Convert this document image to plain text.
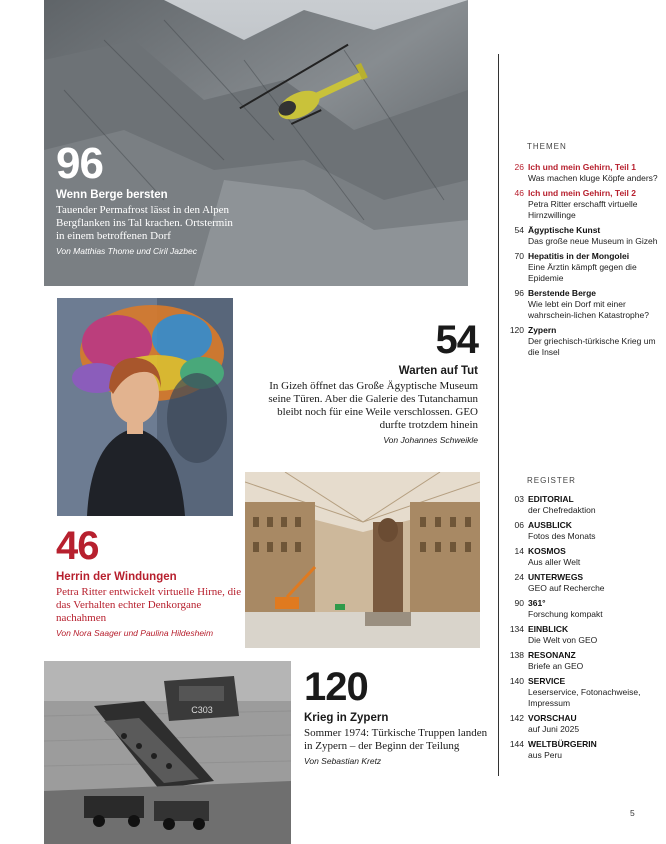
96
Wenn Berge bersten
Tauender Permafrost lässt in den Alpen Bergflanken ins Tal krachen. Ortstermin in einem betroffenen Dorf
Von Matthias Thome und Ciril Jazbec
54
Warten auf Tut
In Gizeh öffnet das Große Ägyptische Museum seine Türen. Aber die Galerie des Tutanchamun bleibt noch für eine Weile verschlossen. GEO durfte trotzdem hinein
Von Johannes Schweikle
46
Herrin der Windungen
Petra Ritter entwickelt virtuelle Hirne, die das Verhalten echter Denkorgane nachahmen
Von Nora Saager und Paulina Hildesheim
C303
120
Krieg in Zypern
Sommer 1974: Türkische Truppen landen in Zypern – der Beginn der Teilung
Von Sebastian Kretz
THEMEN
26 Ich und mein Gehirn, Teil 1
Was machen kluge Köpfe anders?
46 Ich und mein Gehirn, Teil 2
Petra Ritter erschafft virtuelle Hirnzwillinge
54 Ägyptische Kunst
Das große neue Museum in Gizeh
70 Hepatitis in der Mongolei
Eine Ärztin kämpft gegen die Epidemie
96 Berstende Berge
Wie lebt ein Dorf mit einer wahrschein-lichen Katastrophe?
120 Zypern
Der griechisch-türkische Krieg um die Insel
REGISTER
03 EDITORIAL
der Chefredaktion
06 AUSBLICK
Fotos des Monats
14 KOSMOS
Aus aller Welt
24 UNTERWEGS
GEO auf Recherche
90 361°
Forschung kompakt
134 EINBLICK
Die Welt von GEO
138 RESONANZ
Briefe an GEO
140 SERVICE
Leserservice, Fotonachweise, Impressum
142 VORSCHAU
auf Juni 2025
144 WELTBÜRGERIN
aus Peru
5
